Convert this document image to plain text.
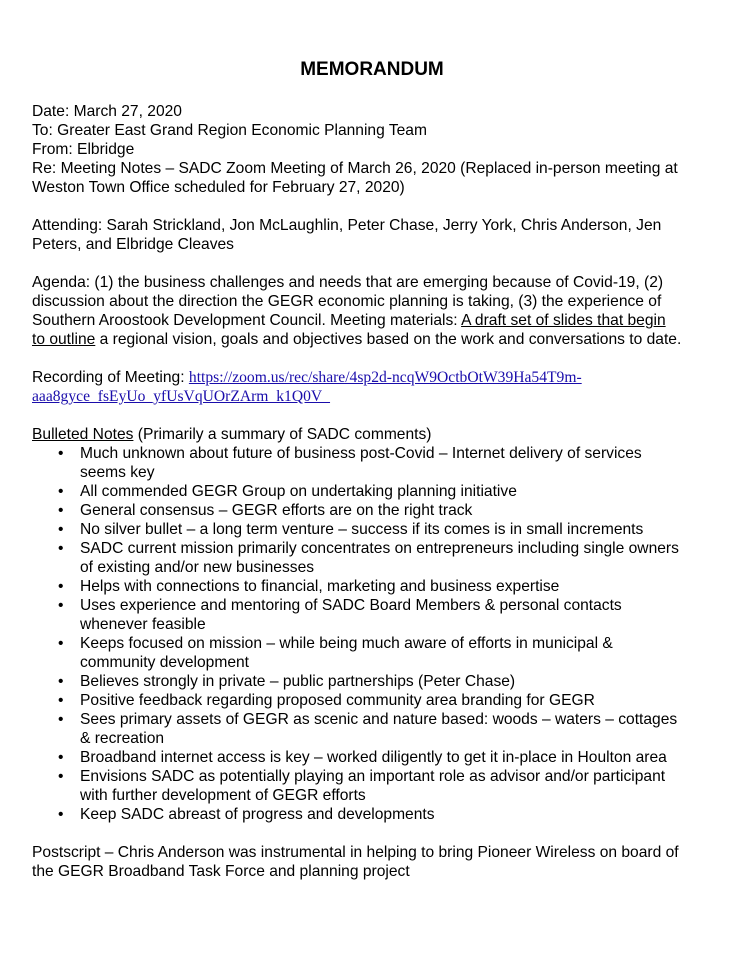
MEMORANDUM

Date: March 27, 2020

To: Greater East Grand Region Economic Planning Team

From: Elbridge

Re: Meeting Notes – SADC Zoom Meeting of March 26, 2020 (Replaced in-person meeting at

Weston Town Office scheduled for February 27, 2020)

Attending: Sarah Strickland, Jon McLaughlin, Peter Chase, Jerry York, Chris Anderson, Jen

Peters, and Elbridge Cleaves

Agenda: (1) the business challenges and needs that are emerging because of Covid-19, (2)

discussion about the direction the GEGR economic planning is taking, (3) the experience of

Southern Aroostook Development Council. Meeting materials: A draft set of slides that begin

to outline a regional vision, goals and objectives based on the work and conversations to date.

Recording of Meeting: https://zoom.us/rec/share/4sp2d-ncqW9OctbOtW39Ha54T9m-

aaa8gyce_fsEyUo_yfUsVqUOrZArm_k1Q0V_

Bulleted Notes (Primarily a summary of SADC comments)

• Much unknown about future of business post-Covid – Internet delivery of services
seems key
• All commended GEGR Group on undertaking planning initiative
• General consensus – GEGR efforts are on the right track
• No silver bullet – a long term venture – success if its comes is in small increments
• SADC current mission primarily concentrates on entrepreneurs including single owners
of existing and/or new businesses
• Helps with connections to financial, marketing and business expertise
• Uses experience and mentoring of SADC Board Members & personal contacts
whenever feasible
• Keeps focused on mission – while being much aware of efforts in municipal &
community development
• Believes strongly in private – public partnerships (Peter Chase)
• Positive feedback regarding proposed community area branding for GEGR
• Sees primary assets of GEGR as scenic and nature based: woods – waters – cottages
& recreation
• Broadband internet access is key – worked diligently to get it in-place in Houlton area
• Envisions SADC as potentially playing an important role as advisor and/or participant
with further development of GEGR efforts
• Keep SADC abreast of progress and developments

Postscript – Chris Anderson was instrumental in helping to bring Pioneer Wireless on board of

the GEGR Broadband Task Force and planning project
